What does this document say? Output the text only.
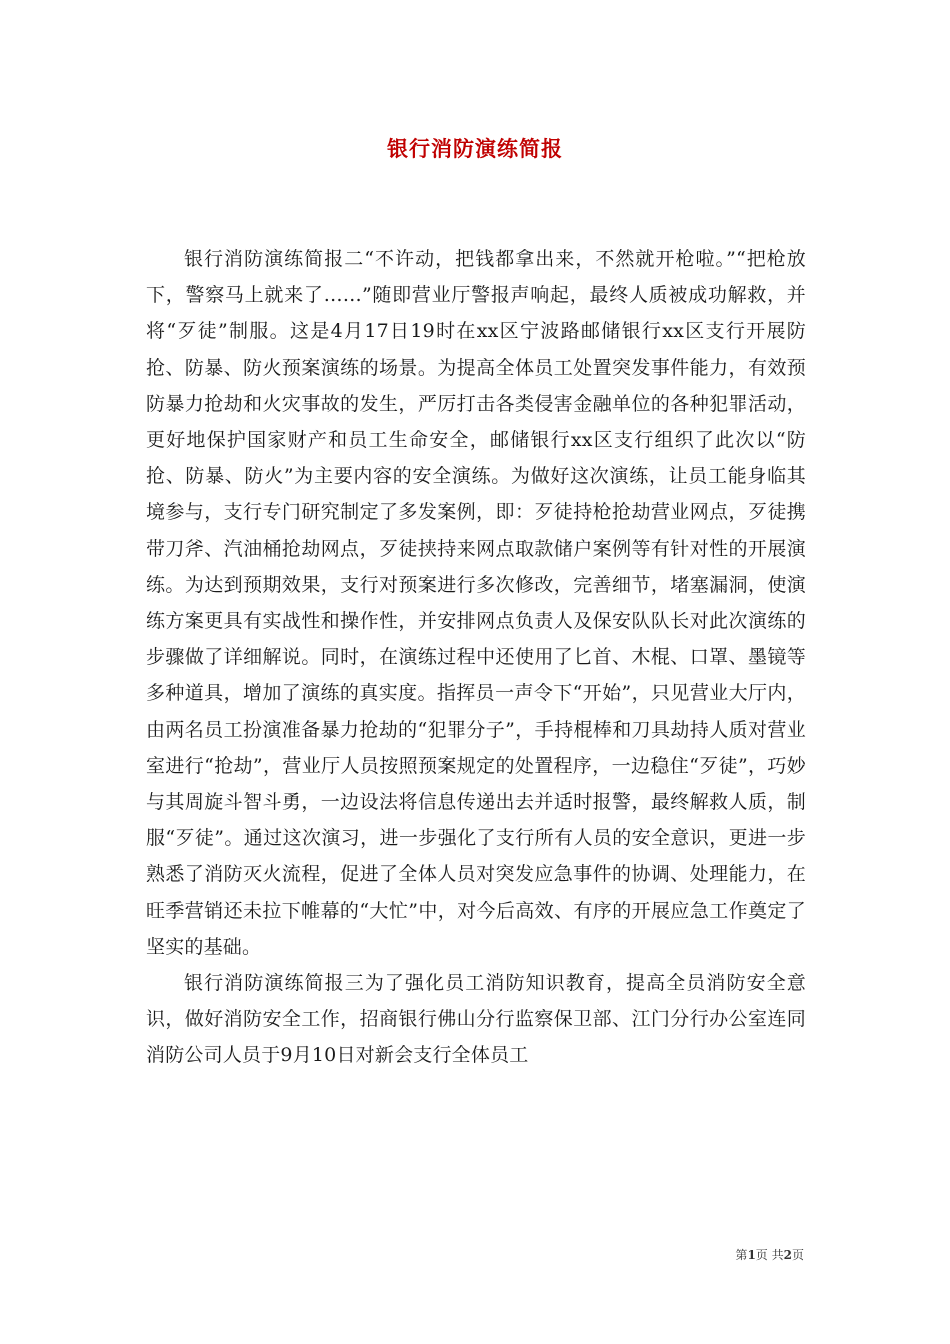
银行消防演练简报

银行消防演练简报二“不许动，把钱都拿出来，不然就开枪啦。”“把枪放下，警察马上就来了……”随即营业厅警报声响起，最终人质被成功解救，并将“歹徒”制服。这是4月17日19时在xx区宁波路邮储银行xx区支行开展防抢、防暴、防火预案演练的场景。为提高全体员工处置突发事件能力，有效预防暴力抢劫和火灾事故的发生，严厉打击各类侵害金融单位的各种犯罪活动，更好地保护国家财产和员工生命安全，邮储银行xx区支行组织了此次以“防抢、防暴、防火”为主要内容的安全演练。为做好这次演练，让员工能身临其境参与，支行专门研究制定了多发案例，即：歹徒持枪抢劫营业网点，歹徒携带刀斧、汽油桶抢劫网点，歹徒挟持来网点取款储户案例等有针对性的开展演练。为达到预期效果，支行对预案进行多次修改，完善细节，堵塞漏洞，使演练方案更具有实战性和操作性，并安排网点负责人及保安队队长对此次演练的步骤做了详细解说。同时，在演练过程中还使用了匕首、木棍、口罩、墨镜等多种道具，增加了演练的真实度。指挥员一声令下“开始”，只见营业大厅内，由两名员工扮演准备暴力抢劫的“犯罪分子”，手持棍棒和刀具劫持人质对营业室进行“抢劫”，营业厅人员按照预案规定的处置程序，一边稳住“歹徒”，巧妙与其周旋斗智斗勇，一边设法将信息传递出去并适时报警，最终解救人质，制服“歹徒”。通过这次演习，进一步强化了支行所有人员的安全意识，更进一步熟悉了消防灭火流程，促进了全体人员对突发应急事件的协调、处理能力，在旺季营销还未拉下帷幕的“大忙”中，对今后高效、有序的开展应急工作奠定了坚实的基础。

银行消防演练简报三为了强化员工消防知识教育，提高全员消防安全意识，做好消防安全工作，招商银行佛山分行监察保卫部、江门分行办公室连同消防公司人员于9月10日对新会支行全体员工

第1页 共2页
